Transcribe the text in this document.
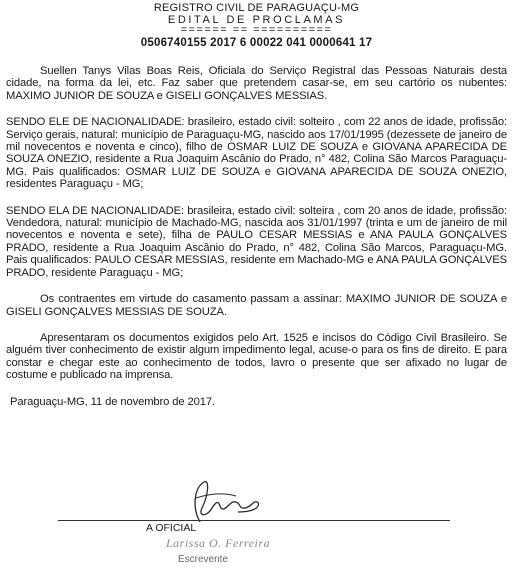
REGISTRO CIVIL DE PARAGUAÇU-MG
EDITAL DE PROCLAMAS
====== == ==========
0506740155 2017 6 00022 041 0000641 17

Suellen Tanys Vilas Boas Reis, Oficiala do Serviço Registral das Pessoas Naturais desta cidade, na forma da lei, etc. Faz saber que pretendem casar-se, em seu cartório os nubentes: MAXIMO JUNIOR DE SOUZA e GISELI GONÇALVES MESSIAS.

SENDO ELE DE NACIONALIDADE: brasileiro, estado civil: solteiro , com 22 anos de idade, profissão: Serviço gerais, natural: município de Paraguaçu-MG, nascido aos 17/01/1995 (dezessete de janeiro de mil novecentos e noventa e cinco), filho de OSMAR LUIZ DE SOUZA e GIOVANA APARECIDA DE SOUZA ONEZIO, residente a Rua Joaquim Ascânio do Prado, n° 482, Colina São Marcos Paraguaçu-MG. Pais qualificados: OSMAR LUIZ DE SOUZA e GIOVANA APARECIDA DE SOUZA ONEZIO, residentes Paraguaçu - MG;

SENDO ELA DE NACIONALIDADE: brasileira, estado civil: solteira , com 20 anos de idade, profissão: Vendedora, natural: município de Machado-MG, nascida aos 31/01/1997 (trinta e um de janeiro de mil novecentos e noventa e sete), filha de PAULO CESAR MESSIAS e ANA PAULA GONÇALVES PRADO, residente a Rua Joaquim Ascânio do Prado, n° 482, Colina São Marcos, Paraguaçu-MG. Pais qualificados: PAULO CESAR MESSIAS, residente em Machado-MG e ANA PAULA GONÇALVES PRADO, residente Paraguaçu - MG;

Os contraentes em virtude do casamento passam a assinar: MAXIMO JUNIOR DE SOUZA e GISELI GONÇALVES MESSIAS DE SOUZA.

Apresentaram os documentos exigidos pelo Art. 1525 e incisos do Código Civil Brasileiro. Se alguém tiver conhecimento de existir algum impedimento legal, acuse-o para os fins de direito. E para constar e chegar este ao conhecimento de todos, lavro o presente que ser afixado no lugar de costume e publicado na imprensa.

Paraguaçu-MG, 11 de novembro de 2017.

A OFICIAL
Larissa O. Ferreira
Escrevente
